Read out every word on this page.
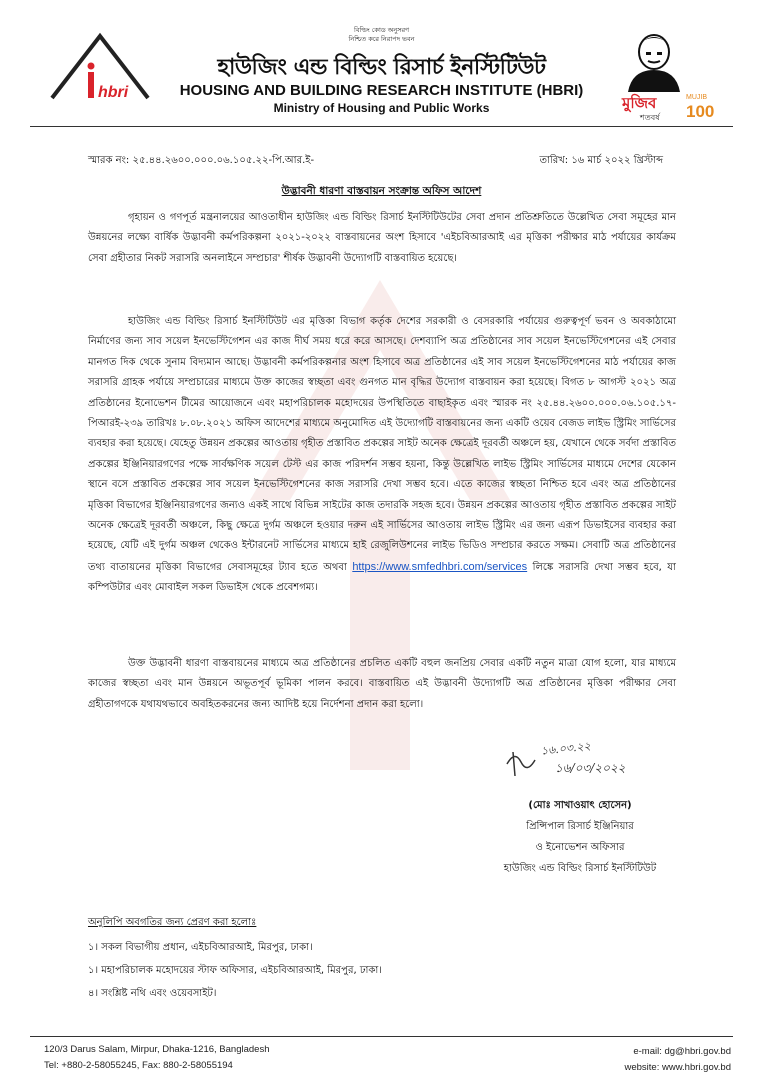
বিল্ডিং কোড অনুসরণ
নিশ্চিত করে নিরাপদ ভবন
hbri
হাউজিং এন্ড বিল্ডিং রিসার্চ ইনস্টিটিউট
HOUSING AND BUILDING RESEARCH INSTITUTE (HBRI)
Ministry of Housing and Public Works	মুজিব
শতবর্ষ
MUJIB
100
স্মারক নং: ২৫.৪৪.২৬০০.০০০.০৬.১০৫.২২-পি.আর.ই-	তারিখ: ১৬ মার্চ ২০২২ খ্রিস্টাব্দ
উদ্ভাবনী ধারণা বাস্তবায়ন সংক্রান্ত অফিস আদেশ

গৃহায়ন ও গণপূর্ত মন্ত্রনালয়ের আওতাধীন হাউজিং এন্ড বিল্ডিং রিসার্চ ইনস্টিটিউটের সেবা প্রদান প্রতিশ্রুতিতে উল্লেখিত সেবা সমূহের মান উন্নয়নের লক্ষ্যে বার্ষিক উদ্ভাবনী কর্মপরিকল্পনা ২০২১-২০২২ বাস্তবায়নের অংশ হিসাবে 'এইচবিআরআই এর মৃত্তিকা পরীক্ষার মাঠ পর্যায়ের কার্যক্রম সেবা গ্রহীতার নিকট সরাসরি অনলাইনে সম্প্রচার' শীর্ষক উদ্ভাবনী উদ্যোগটি বাস্তবায়িত হয়েছে।

হাউজিং এন্ড বিল্ডিং রিসার্চ ইনস্টিটিউট এর মৃত্তিকা বিভাগ কর্তৃক দেশের সরকারী ও বেসরকারি পর্যায়ের গুরুত্বপূর্ণ ভবন ও অবকাঠামো নির্মাণের জন্য সাব সয়েল ইনভেস্টিগেশন এর কাজ দীর্ঘ সময় ধরে করে আসছে। দেশব্যাপি অত্র প্রতিষ্ঠানের সাব সয়েল ইনভেস্টিগেশনের এই সেবার মানগত দিক থেকে সুনাম বিদ্যমান আছে। উদ্ভাবনী কর্মপরিকল্পনার অংশ হিসাবে অত্র প্রতিষ্ঠানের এই সাব সয়েল ইনভেস্টিগেশনের মাঠ পর্যায়ের কাজ সরাসরি গ্রাহক পর্যায়ে সম্প্রচারের মাধ্যমে উক্ত কাজের স্বচ্ছতা এবং গুনগত মান বৃদ্ধির উদ্যোগ বাস্তবায়ন করা হয়েছে। বিগত ৮ আগস্ট ২০২১ অত্র প্রতিষ্ঠানের ইনোভেশন টীমের আয়োজনে এবং মহাপরিচালক মহোদয়ের উপস্থিতিতে বাছাইকৃত এবং স্মারক নং ২৫.৪৪.২৬০০.০০০.০৬.১০৫.১৭-পিআরই-২৩৯ তারিখঃ ৮.০৮.২০২১ অফিস আদেশের মাধ্যমে অনুমোদিত এই উদ্যোগটি বাস্তবায়নের জন্য একটি ওয়েব বেজড লাইভ স্ট্রিমিং সার্ভিসের ব্যবহার করা হয়েছে। যেহেতু উন্নয়ন প্রকল্পের আওতায় গৃহীত প্রস্তাবিত প্রকল্পের সাইট অনেক ক্ষেত্রেই দূরবর্তী অঞ্চলে হয়, যেখানে থেকে সর্বদা প্রস্তাবিত প্রকল্পের ইঞ্জিনিয়ারগণের পক্ষে সার্বক্ষণিক সয়েল টেস্ট এর কাজ পরিদর্শন সম্ভব হয়না, কিন্তু উল্লেখিত লাইভ স্ট্রিমিং সার্ভিসের মাধ্যমে দেশের যেকোন স্থানে বসে প্রস্তাবিত প্রকল্পের সাব সয়েল ইনভেস্টিগেশনের কাজ সরাসরি দেখা সম্ভব হবে। এতে কাজের স্বচ্ছতা নিশ্চিত হবে এবং অত্র প্রতিষ্ঠানের মৃত্তিকা বিভাগের ইঞ্জিনিয়ারগণের জন্যও একই সাথে বিভিন্ন সাইটের কাজ তদারকি সহজ হবে। উন্নয়ন প্রকল্পের আওতায় গৃহীত প্রস্তাবিত প্রকল্পের সাইট অনেক ক্ষেত্রেই দূরবর্তী অঞ্চলে, কিছু ক্ষেত্রে দুর্গম অঞ্চলে হওয়ার দরুন এই সার্ভিসের আওতায় লাইভ স্ট্রিমিং এর জন্য এরূপ ডিভাইসের ব্যবহার করা হয়েছে, যেটি এই দুর্গম অঞ্চল থেকেও ইন্টারনেট সার্ভিসের মাধ্যমে হাই রেজুলিউশনের লাইভ ভিডিও সম্প্রচার করতে সক্ষম। সেবাটি অত্র প্রতিষ্ঠানের তথ্য বাতায়নের মৃত্তিকা বিভাগের সেবাসমূহের ট্যাব হতে অথবা https://www.smfedhbri.com/services লিঙ্কে সরাসরি দেখা সম্ভব হবে, যা কম্পিউটার এবং মোবাইল সকল ডিভাইস থেকে প্রবেশগম্য।

উক্ত উদ্ভাবনী ধারণা বাস্তবায়নের মাধ্যমে অত্র প্রতিষ্ঠানের প্রচলিত একটি বহুল জনপ্রিয় সেবার একটি নতুন মাত্রা যোগ হলো, যার মাধ্যমে কাজের স্বচ্ছতা এবং মান উন্নয়নে অভূতপূর্ব ভূমিকা পালন করবে। বাস্তবায়িত এই উদ্ভাবনী উদ্যোগটি অত্র প্রতিষ্ঠানের মৃত্তিকা পরীক্ষার সেবা গ্রহীতাগণকে যথাযথভাবে অবহিতকরনের জন্য আদিষ্ট হয়ে নির্দেশনা প্রদান করা হলো।

১৬.০৩.২২
১৬/০৩/২০২২
(মোঃ সাখাওয়াৎ হোসেন)
প্রিন্সিপাল রিসার্চ ইঞ্জিনিয়ার
ও ইনোভেশন অফিসার
হাউজিং এন্ড বিল্ডিং রিসার্চ ইনস্টিটিউট
অনুলিপি অবগতির জন্য প্রেরণ করা হলোঃ
১। সকল বিভাগীয় প্রধান, এইচবিআরআই, মিরপুর, ঢাকা।
১। মহাপরিচালক মহোদয়ের স্টাফ অফিসার, এইচবিআরআই, মিরপুর, ঢাকা।
৪। সংশ্লিষ্ট নথি এবং ওয়েবসাইট।
120/3 Darus Salam, Mirpur, Dhaka-1216, Bangladesh
Tel: +880-2-58055245, Fax: 880-2-58055194
e-mail: dg@hbri.gov.bd
website: www.hbri.gov.bd
